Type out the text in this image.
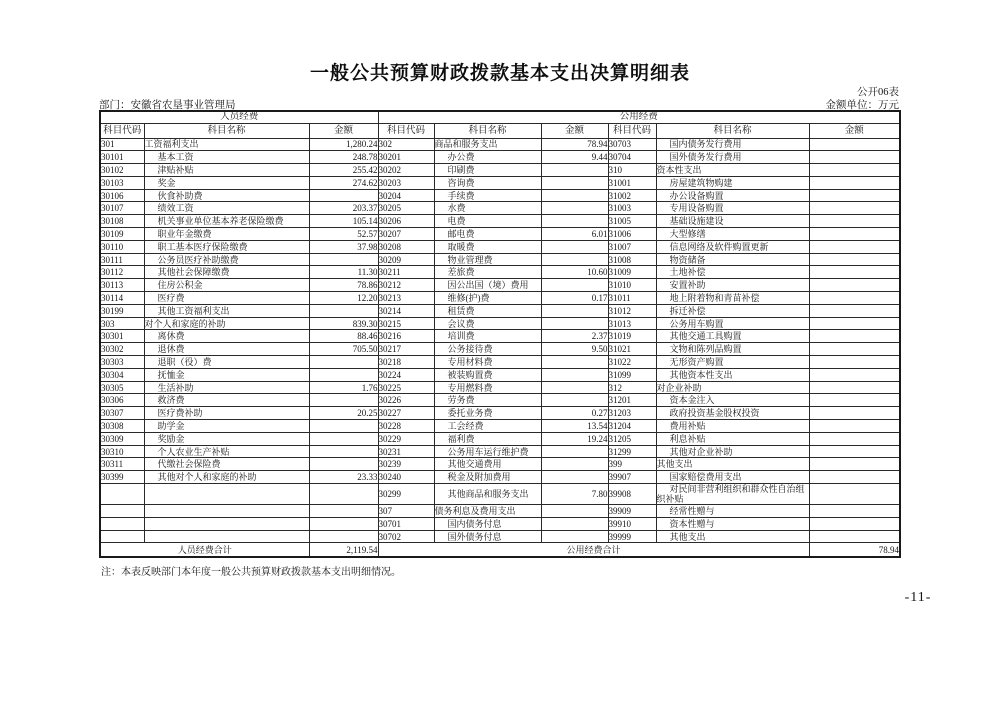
一般公共预算财政拨款基本支出决算明细表
公开06表
部门：安徽省农垦事业管理局	金额单位：万元
人员经费			公用经费					
科目代码	科目名称	金额	科目代码	科目名称	金额	科目代码	科目名称	金额
301	工资福利支出	1,280.24	302	商品和服务支出	78.94	30703	国内债务发行费用	
30101	基本工资	248.78	30201	办公费	9.44	30704	国外债务发行费用	
30102	津贴补贴	255.42	30202	印刷费		310	资本性支出	
30103	奖金	274.62	30203	咨询费		31001	房屋建筑物购建	
30106	伙食补助费		30204	手续费		31002	办公设备购置	
30107	绩效工资	203.37	30205	水费		31003	专用设备购置	
30108	机关事业单位基本养老保险缴费	105.14	30206	电费		31005	基础设施建设	
30109	职业年金缴费	52.57	30207	邮电费	6.01	31006	大型修缮	
30110	职工基本医疗保险缴费	37.98	30208	取暖费		31007	信息网络及软件购置更新	
30111	公务员医疗补助缴费		30209	物业管理费		31008	物资储备	
30112	其他社会保障缴费	11.30	30211	差旅费	10.60	31009	土地补偿	
30113	住房公积金	78.86	30212	因公出国（境）费用		31010	安置补助	
30114	医疗费	12.20	30213	维修(护)费	0.17	31011	地上附着物和青苗补偿	
30199	其他工资福利支出		30214	租赁费		31012	拆迁补偿	
303	对个人和家庭的补助	839.30	30215	会议费		31013	公务用车购置	
30301	离休费	88.46	30216	培训费	2.37	31019	其他交通工具购置	
30302	退休费	705.50	30217	公务接待费	9.50	31021	文物和陈列品购置	
30303	退职（役）费		30218	专用材料费		31022	无形资产购置	
30304	抚恤金		30224	被装购置费		31099	其他资本性支出	
30305	生活补助	1.76	30225	专用燃料费		312	对企业补助	
30306	救济费		30226	劳务费		31201	资本金注入	
30307	医疗费补助	20.25	30227	委托业务费	0.27	31203	政府投资基金股权投资	
30308	助学金		30228	工会经费	13.54	31204	费用补贴	
30309	奖励金		30229	福利费	19.24	31205	利息补贴	
30310	个人农业生产补贴		30231	公务用车运行维护费		31299	其他对企业补助	
30311	代缴社会保险费		30239	其他交通费用		399	其他支出	
30399	其他对个人和家庭的补助	23.33	30240	税金及附加费用		39907	国家赔偿费用支出	
			30299	其他商品和服务支出	7.80	39908	对民间非营利组织和群众性自治组织补贴	
			307	债务利息及费用支出		39909	经常性赠与	
			30701	国内债务付息		39910	资本性赠与	
			30702	国外债务付息		39999	其他支出	
人员经费合计		2,119.54	公用经费合计					78.94
注：本表反映部门本年度一般公共预算财政拨款基本支出明细情况。
-11-
